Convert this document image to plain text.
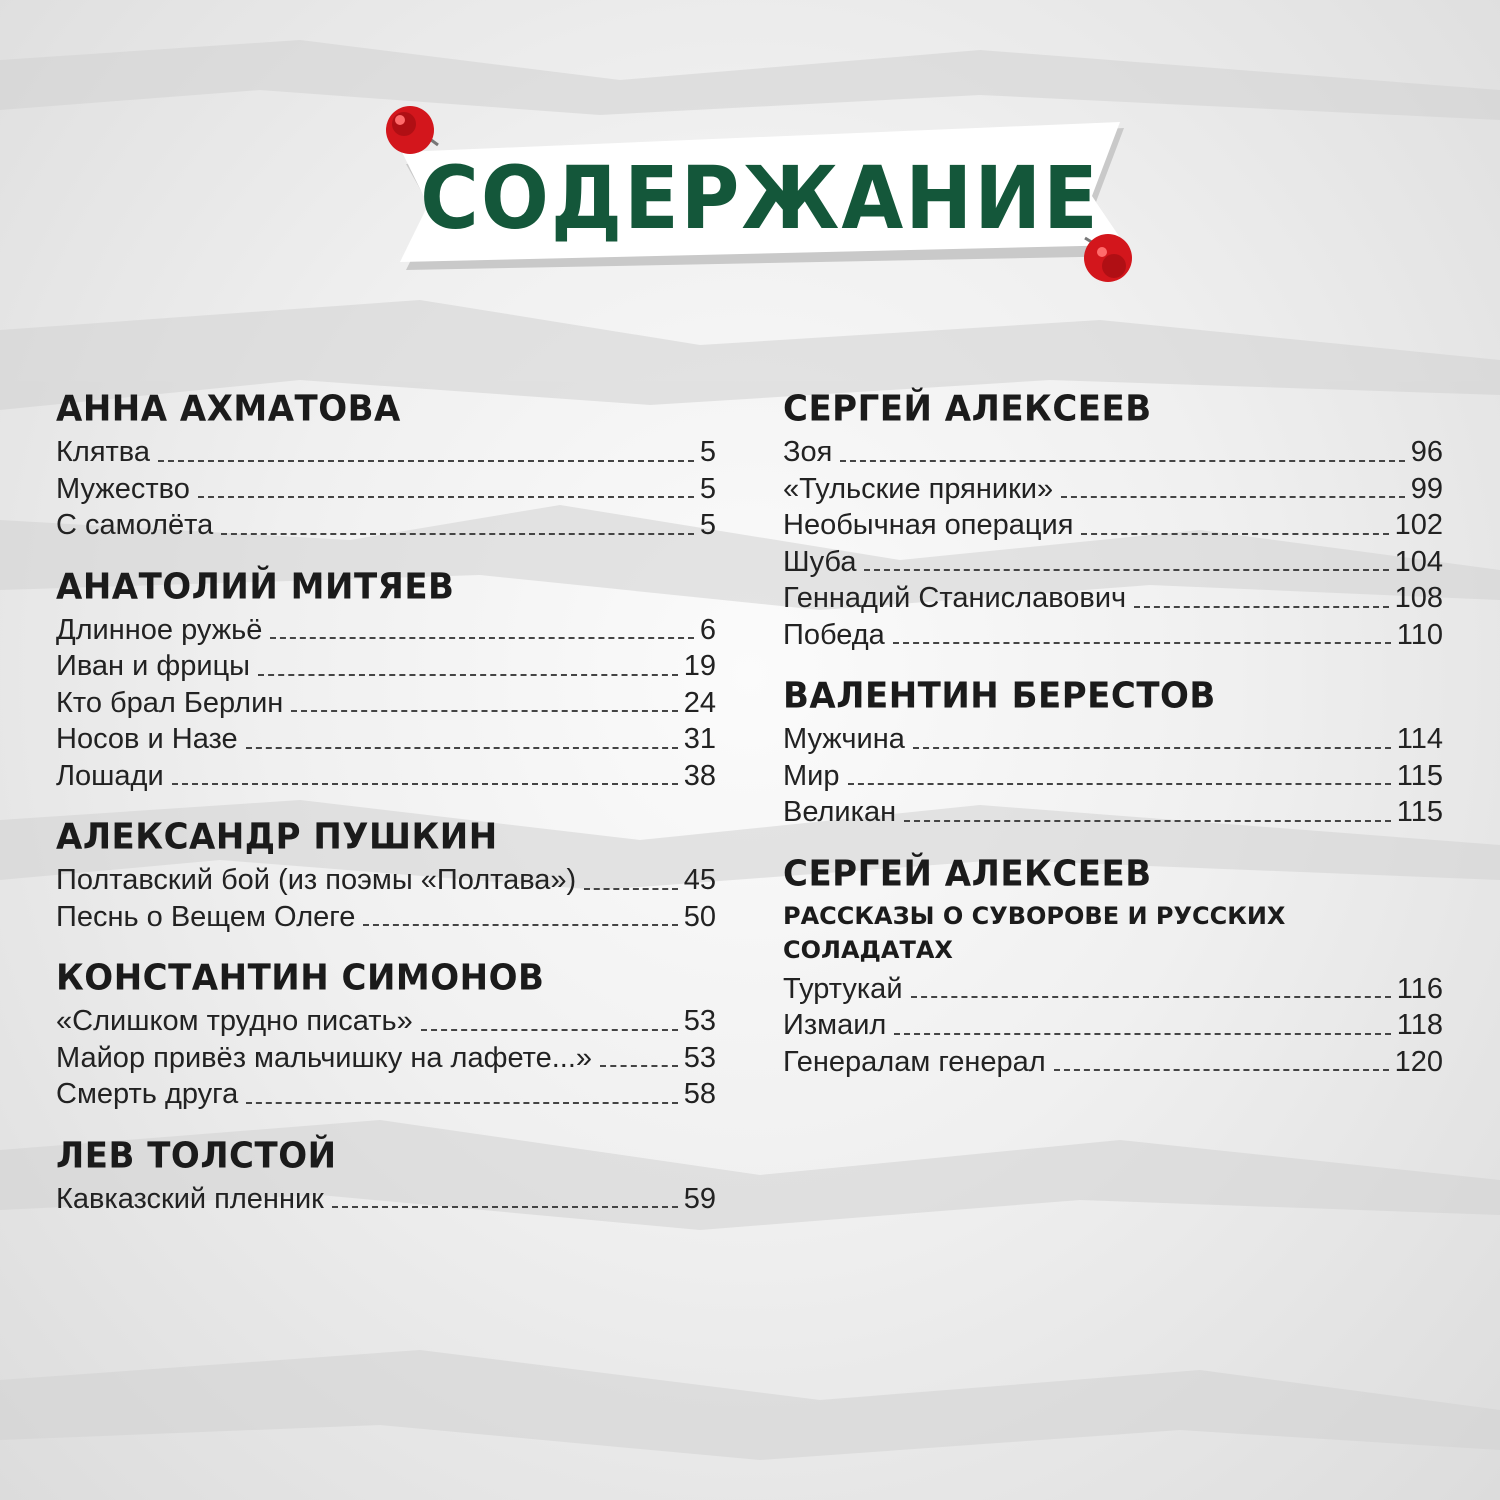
СОДЕРЖАНИЕ
АННА АХМАТОВА
Клятва	5
Мужество	5
С самолёта	5
АНАТОЛИЙ МИТЯЕВ
Длинное ружьё	6
Иван и фрицы	19
Кто брал Берлин	24
Носов и Назе	31
Лошади	38
АЛЕКСАНДР ПУШКИН
Полтавский бой (из поэмы «Полтава»)	45
Песнь о Вещем Олеге	50
КОНСТАНТИН СИМОНОВ
«Слишком трудно писать»	53
Майор привёз мальчишку на лафете...»	53
Смерть друга	58
ЛЕВ ТОЛСТОЙ
Кавказский пленник	59
СЕРГЕЙ АЛЕКСЕЕВ
Зоя	96
«Тульские пряники»	99
Необычная операция	102
Шуба	104
Геннадий Станиславович	108
Победа	110
ВАЛЕНТИН БЕРЕСТОВ
Мужчина	114
Мир	115
Великан	115
СЕРГЕЙ АЛЕКСЕЕВ
РАССКАЗЫ О СУВОРОВЕ И РУССКИХ СОЛАДАТАХ
Туртукай	116
Измаил	118
Генералам генерал	120
